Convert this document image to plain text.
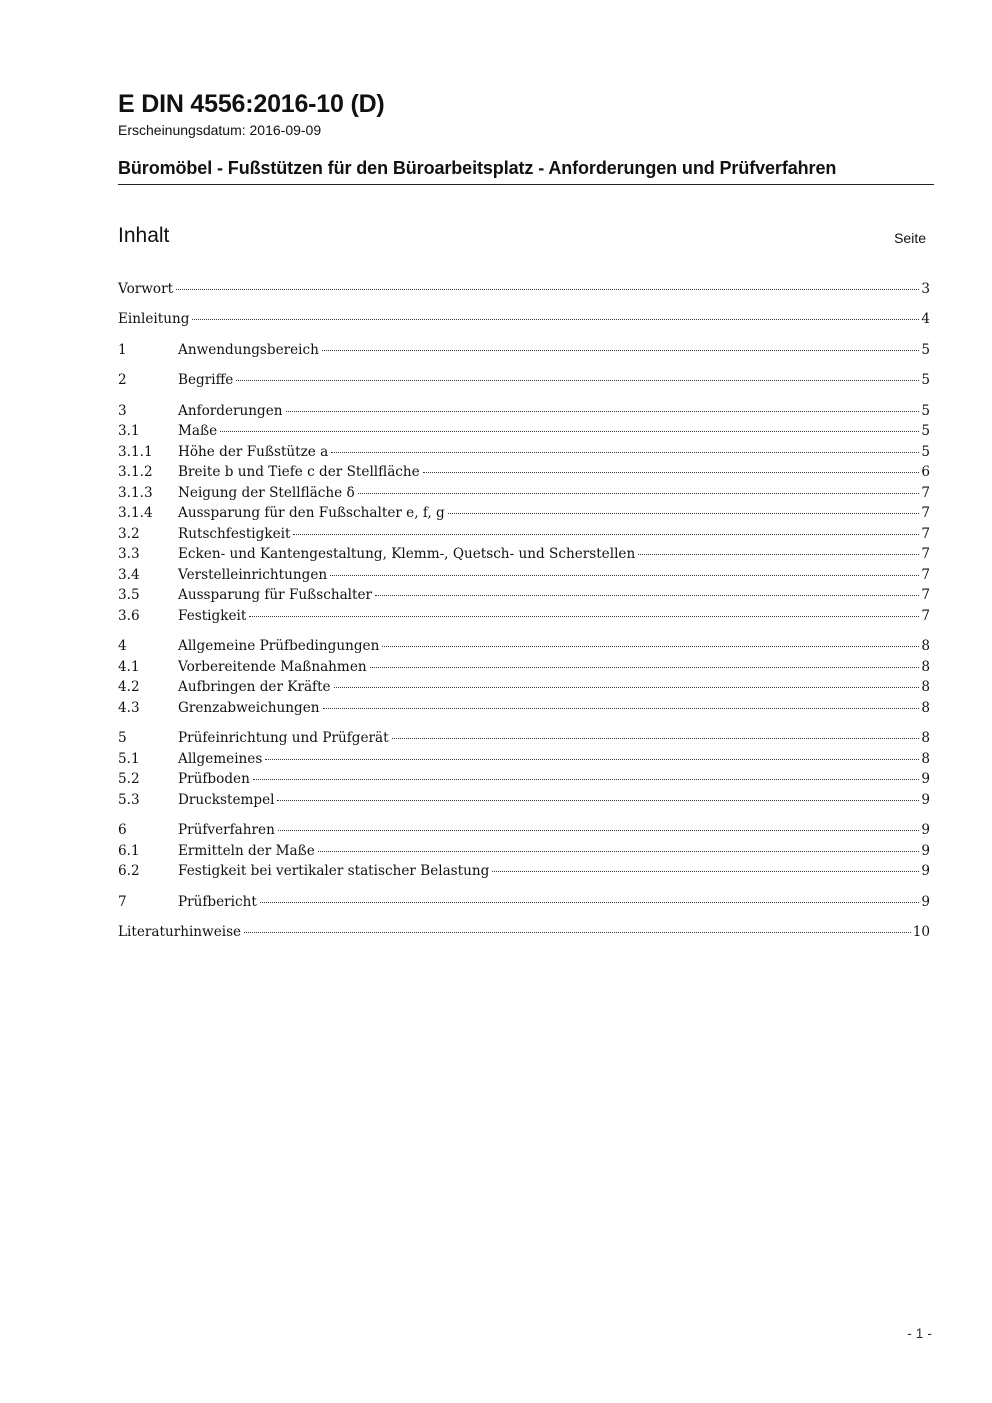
E DIN 4556:2016-10 (D)
Erscheinungsdatum: 2016-09-09
Büromöbel - Fußstützen für den Büroarbeitsplatz - Anforderungen und Prüfverfahren
Inhalt	Seite
Vorwort	3
Einleitung	4
1	Anwendungsbereich	5
2	Begriffe	5
3	Anforderungen	5
3.1	Maße	5
3.1.1	Höhe der Fußstütze a	5
3.1.2	Breite b und Tiefe c der Stellfläche	6
3.1.3	Neigung der Stellfläche δ	7
3.1.4	Aussparung für den Fußschalter e, f, g	7
3.2	Rutschfestigkeit	7
3.3	Ecken- und Kantengestaltung, Klemm-, Quetsch- und Scherstellen	7
3.4	Verstelleinrichtungen	7
3.5	Aussparung für Fußschalter	7
3.6	Festigkeit	7
4	Allgemeine Prüfbedingungen	8
4.1	Vorbereitende Maßnahmen	8
4.2	Aufbringen der Kräfte	8
4.3	Grenzabweichungen	8
5	Prüfeinrichtung und Prüfgerät	8
5.1	Allgemeines	8
5.2	Prüfboden	9
5.3	Druckstempel	9
6	Prüfverfahren	9
6.1	Ermitteln der Maße	9
6.2	Festigkeit bei vertikaler statischer Belastung	9
7	Prüfbericht	9
Literaturhinweise	10
- 1 -
